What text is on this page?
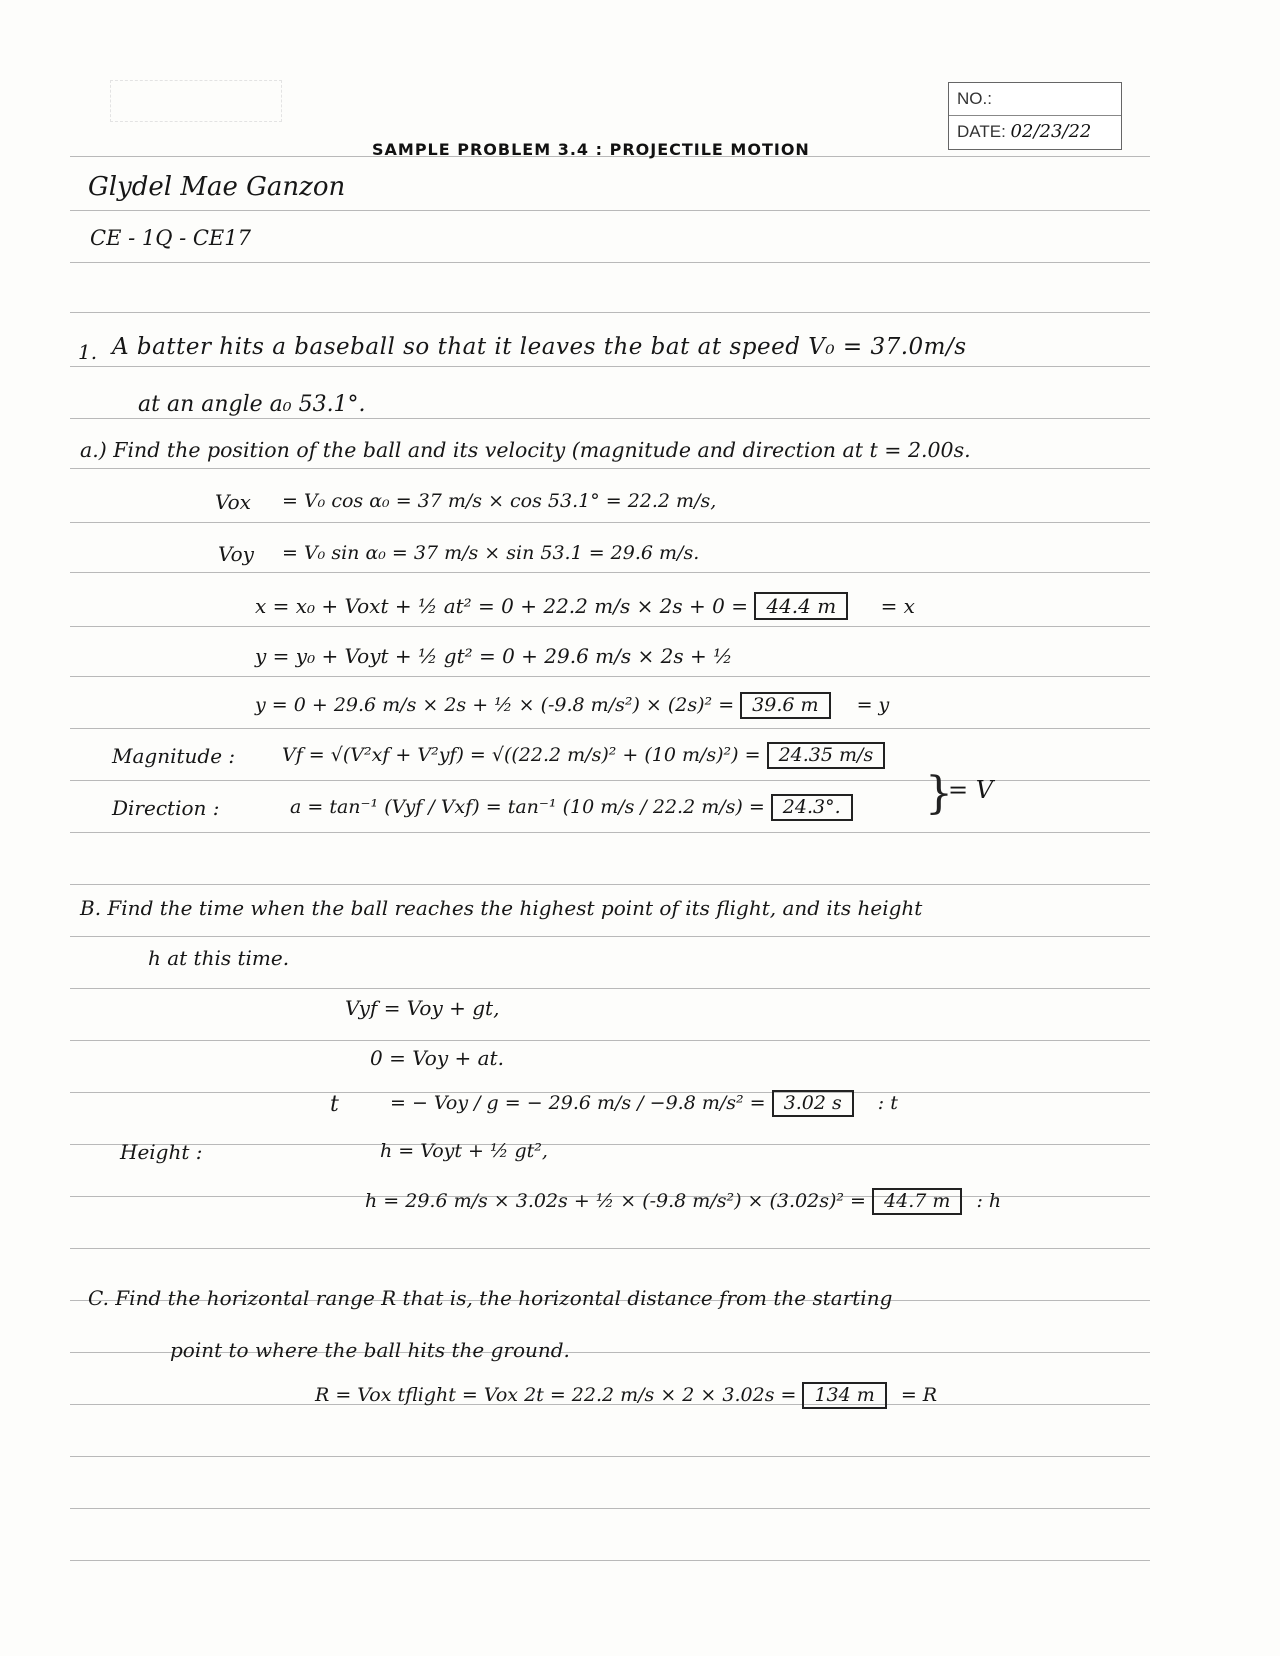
NO.:
DATE: 02/23/22
SAMPLE PROBLEM 3.4 : PROJECTILE MOTION
Glydel Mae Ganzon
CE - 1Q - CE17
1. A batter hits a baseball so that it leaves the bat at speed V₀ = 37.0m/s
at an angle a₀ 53.1°.
a.) Find the position of the ball and its velocity (magnitude and direction at t = 2.00s.
Vox = V₀ cos α₀ = 37 m/s × cos 53.1° = 22.2 m/s,
Voy = V₀ sin α₀ = 37 m/s × sin 53.1 = 29.6 m/s.
x = x₀ + Voxt + ½ at² = 0 + 22.2 m/s × 2s + 0 = 44.4 m = x
y = y₀ + Voyt + ½ gt² = 0 + 29.6 m/s × 2s + ½
y = 0 + 29.6 m/s × 2s + ½ × (-9.8 m/s²) × (2s)² = 39.6 m = y
Magnitude : Vf = √(V²xf + V²yf) = √((22.2 m/s)² + (10 m/s)²) = 24.35 m/s
Direction :	a = tan⁻¹ (Vyf / Vxf) = tan⁻¹ (10 m/s / 22.2 m/s) = 24.3°. }
= V
B. Find the time when the ball reaches the highest point of its flight, and its height
h at this time.
Vyf = Voy + gt,
0 = Voy + at.
t	= − Voy / g = − 29.6 m/s / −9.8 m/s² = 3.02 s : t
Height :	h = Voyt + ½ gt²,
h = 29.6 m/s × 3.02s + ½ × (-9.8 m/s²) × (3.02s)² = 44.7 m : h
C. Find the horizontal range R that is, the horizontal distance from the starting
point to where the ball hits the ground.
R = Vox tflight = Vox 2t = 22.2 m/s × 2 × 3.02s = 134 m = R
